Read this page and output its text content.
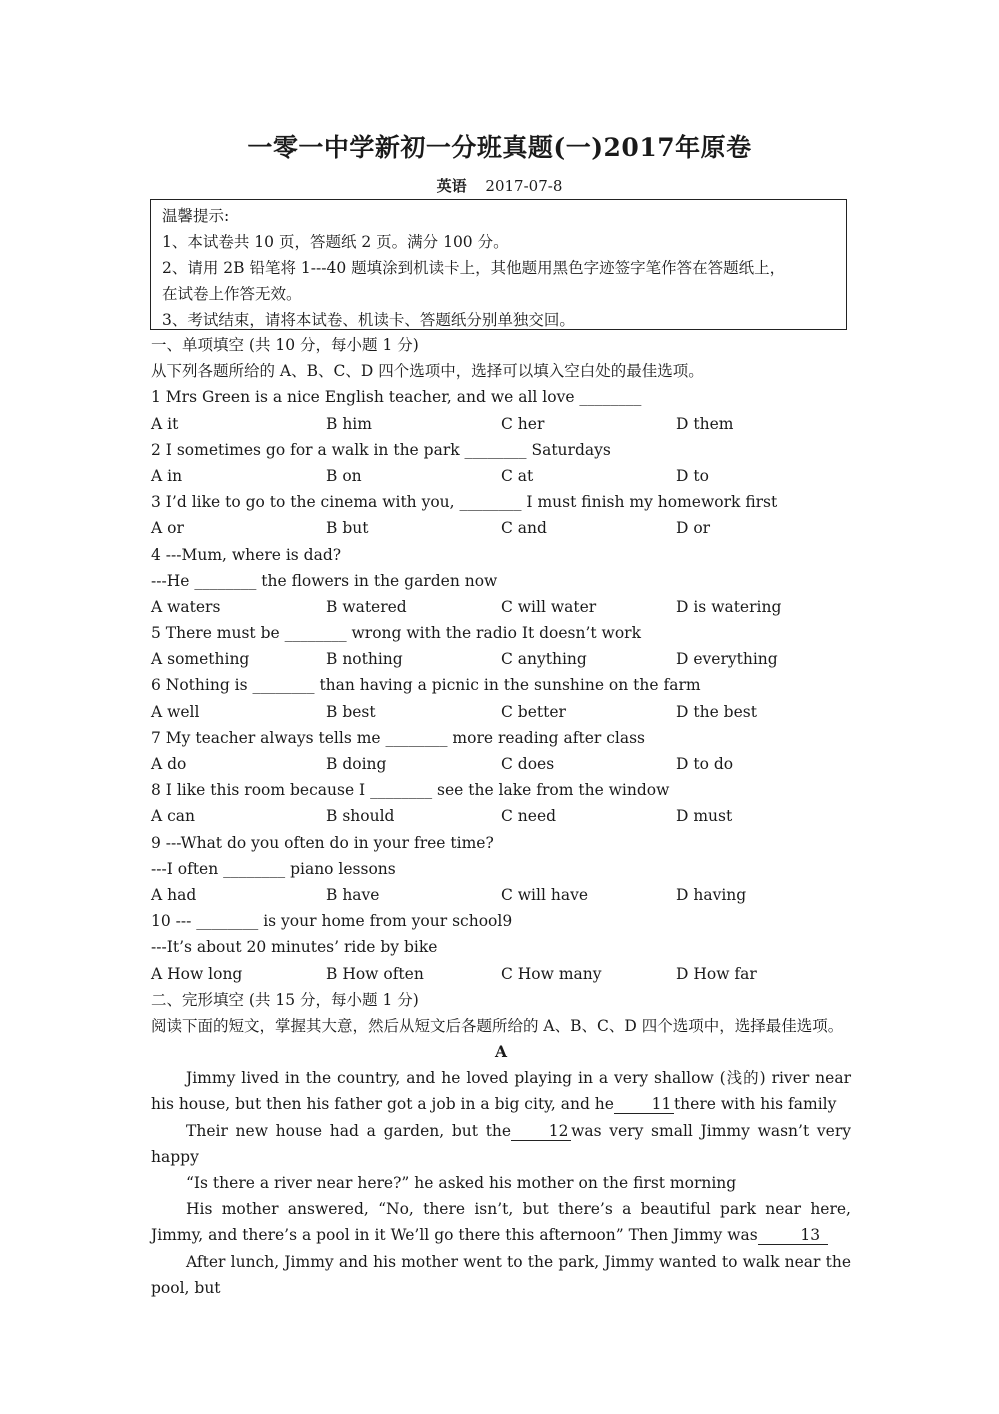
一零一中学新初一分班真题(一)2017年原卷
英语 2017-07-8
温馨提示:
1、本试卷共 10 页，答题纸 2 页。满分 100 分。
2、请用 2B 铅笔将 1---40 题填涂到机读卡上，其他题用黑色字迹签字笔作答在答题纸上，
在试卷上作答无效。
3、考试结束，请将本试卷、机读卡、答题纸分别单独交回。
一、单项填空 (共 10 分，每小题 1 分)
从下列各题所给的 A、B、C、D 四个选项中，选择可以填入空白处的最佳选项。
1 Mrs Green is a nice English teacher, and we all love ________
A it	B him	C her	D them
2 I sometimes go for a walk in the park ________ Saturdays
A in	B on	C at	D to
3 I’d like to go to the cinema with you, ________ I must finish my homework first
A or	B but	C and	D or
4 ---Mum, where is dad?
---He ________ the flowers in the garden now
A waters	B watered	C will water	D is watering
5 There must be ________ wrong with the radio It doesn’t work
A something	B nothing	C anything	D everything
6 Nothing is ________ than having a picnic in the sunshine on the farm
A well	B best	C better	D the best
7 My teacher always tells me ________ more reading after class
A do	B doing	C does	D to do
8 I like this room because I ________ see the lake from the window
A can	B should	C need	D must
9 ---What do you often do in your free time?
---I often ________ piano lessons
A had	B have	C will have	D having
10 --- ________ is your home from your school9
---It’s about 20 minutes’ ride by bike
A How long	B How often	C How many	D How far
二、完形填空 (共 15 分，每小题 1 分)
阅读下面的短文，掌握其大意，然后从短文后各题所给的 A、B、C、D 四个选项中，选择最佳选项。
A
Jimmy lived in the country, and he loved playing in a very shallow (浅的) river near his house, but then his father got a job in a big city, and he 11 there with his family
Their new house had a garden, but the 12 was very small Jimmy wasn’t very happy
“Is there a river near here?” he asked his mother on the first morning
His mother answered, “No, there isn’t, but there’s a beautiful park near here, Jimmy, and there’s a pool in it We’ll go there this afternoon” Then Jimmy was	13
After lunch, Jimmy and his mother went to the park, Jimmy wanted to walk near the pool, but
